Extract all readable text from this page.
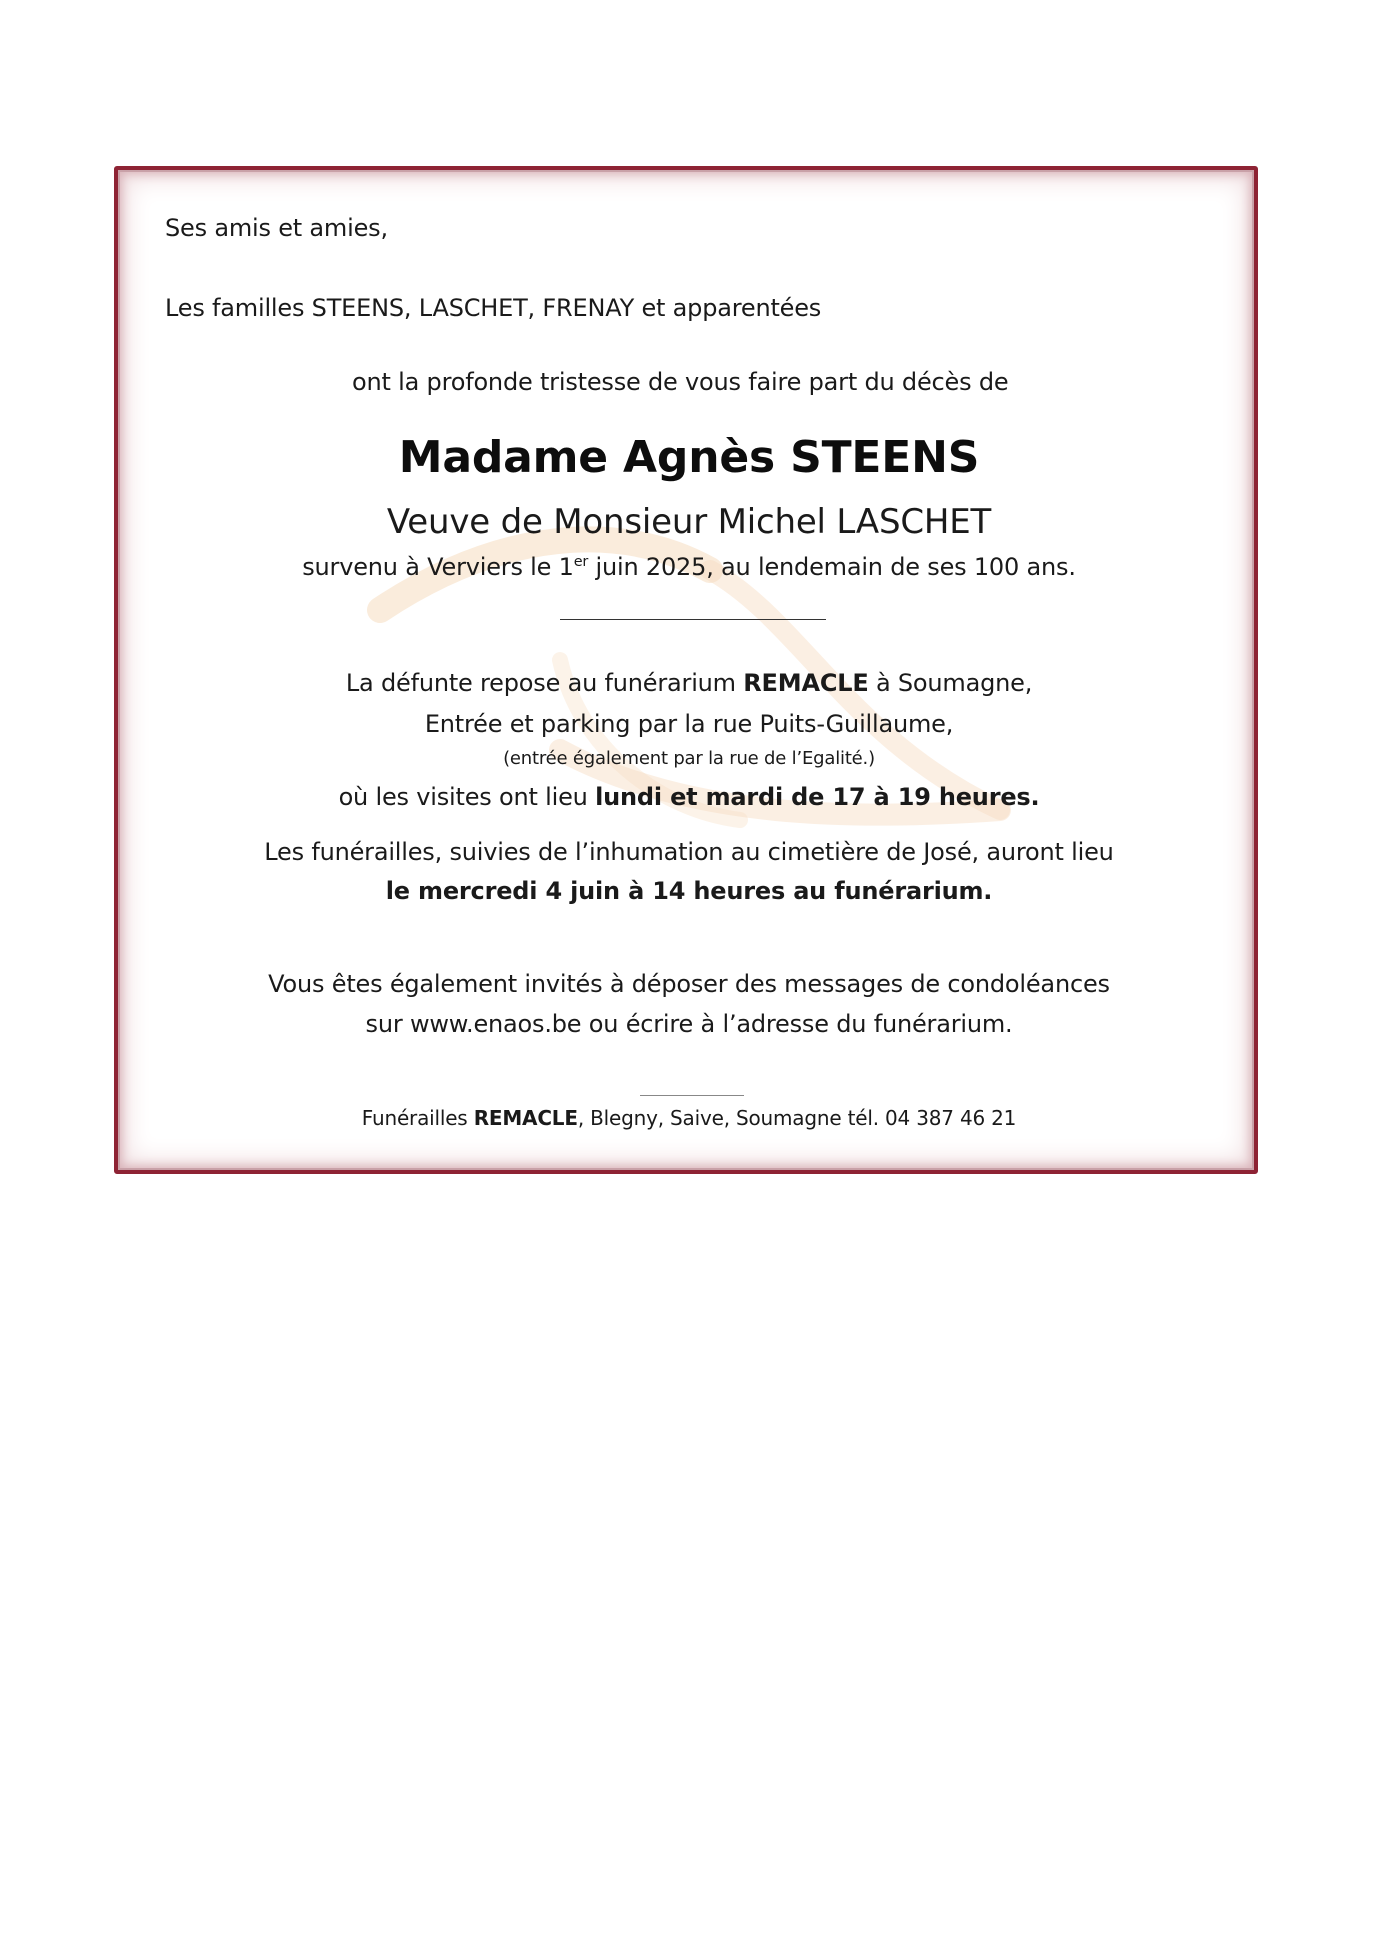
Ses amis et amies,
Les familles STEENS, LASCHET, FRENAY et apparentées
ont la profonde tristesse de vous faire part du décès de
Madame Agnès STEENS
Veuve de Monsieur Michel LASCHET
survenu à Verviers le 1er juin 2025, au lendemain de ses 100 ans.
La défunte repose au funérarium REMACLE à Soumagne,
Entrée et parking par la rue Puits-Guillaume,
(entrée également par la rue de l’Egalité.)
où les visites ont lieu lundi et mardi de 17 à 19 heures.
Les funérailles, suivies de l’inhumation au cimetière de José, auront lieu
le mercredi 4 juin à 14 heures au funérarium.
Vous êtes également invités à déposer des messages de condoléances
sur www.enaos.be ou écrire à l’adresse du funérarium.
Funérailles REMACLE, Blegny, Saive, Soumagne tél. 04 387 46 21
